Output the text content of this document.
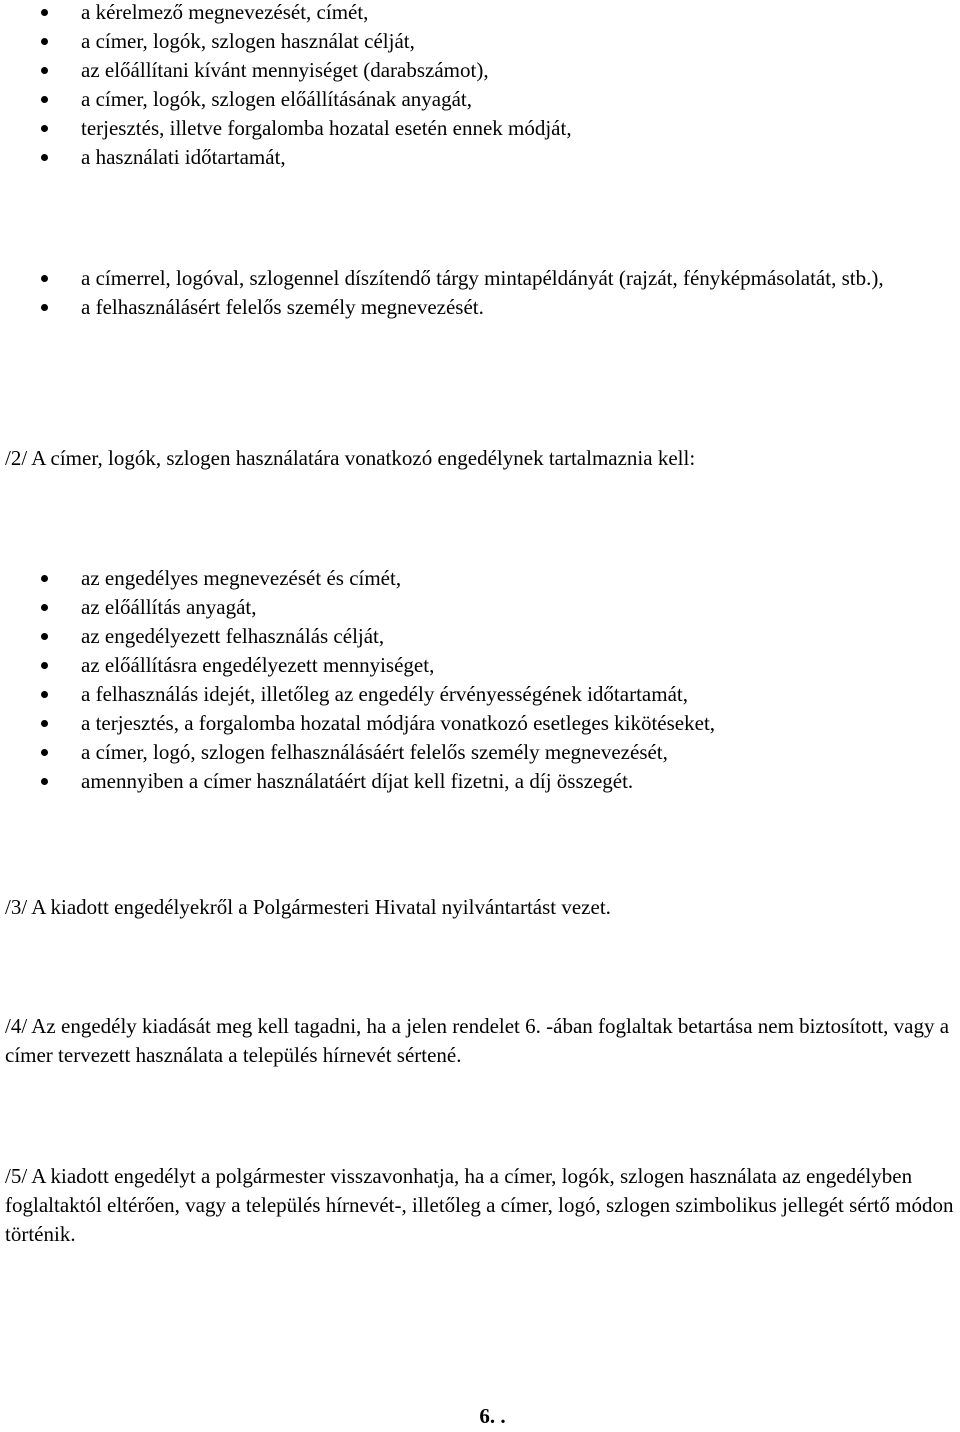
a kérelmező megnevezését, címét,
a címer, logók, szlogen használat célját,
az előállítani kívánt mennyiséget (darabszámot),
a címer, logók, szlogen előállításának anyagát,
terjesztés, illetve forgalomba hozatal esetén ennek módját,
a használati időtartamát,
a címerrel, logóval, szlogennel díszítendő tárgy mintapéldányát (rajzát, fényképmásolatát, stb.),
a felhasználásért felelős személy megnevezését.

/2/ A címer, logók, szlogen használatára vonatkozó engedélynek tartalmaznia kell:

az engedélyes megnevezését és címét,
az előállítás anyagát,
az engedélyezett felhasználás célját,
az előállításra engedélyezett mennyiséget,
a felhasználás idejét, illetőleg az engedély érvényességének időtartamát,
a terjesztés, a forgalomba hozatal módjára vonatkozó esetleges kikötéseket,
a címer, logó, szlogen felhasználásáért felelős személy megnevezését,
amennyiben a címer használatáért díjat kell fizetni, a díj összegét.

/3/ A kiadott engedélyekről a Polgármesteri Hivatal nyilvántartást vezet.

/4/ Az engedély kiadását meg kell tagadni, ha a jelen rendelet 6. -ában foglaltak betartása nem biztosított, vagy a címer tervezett használata a település hírnevét sértené.

/5/ A kiadott engedélyt a polgármester visszavonhatja, ha a címer, logók, szlogen használata az engedélyben foglaltaktól eltérően, vagy a település hírnevét-, illetőleg a címer, logó, szlogen szimbolikus jellegét sértő módon történik.

6. .
